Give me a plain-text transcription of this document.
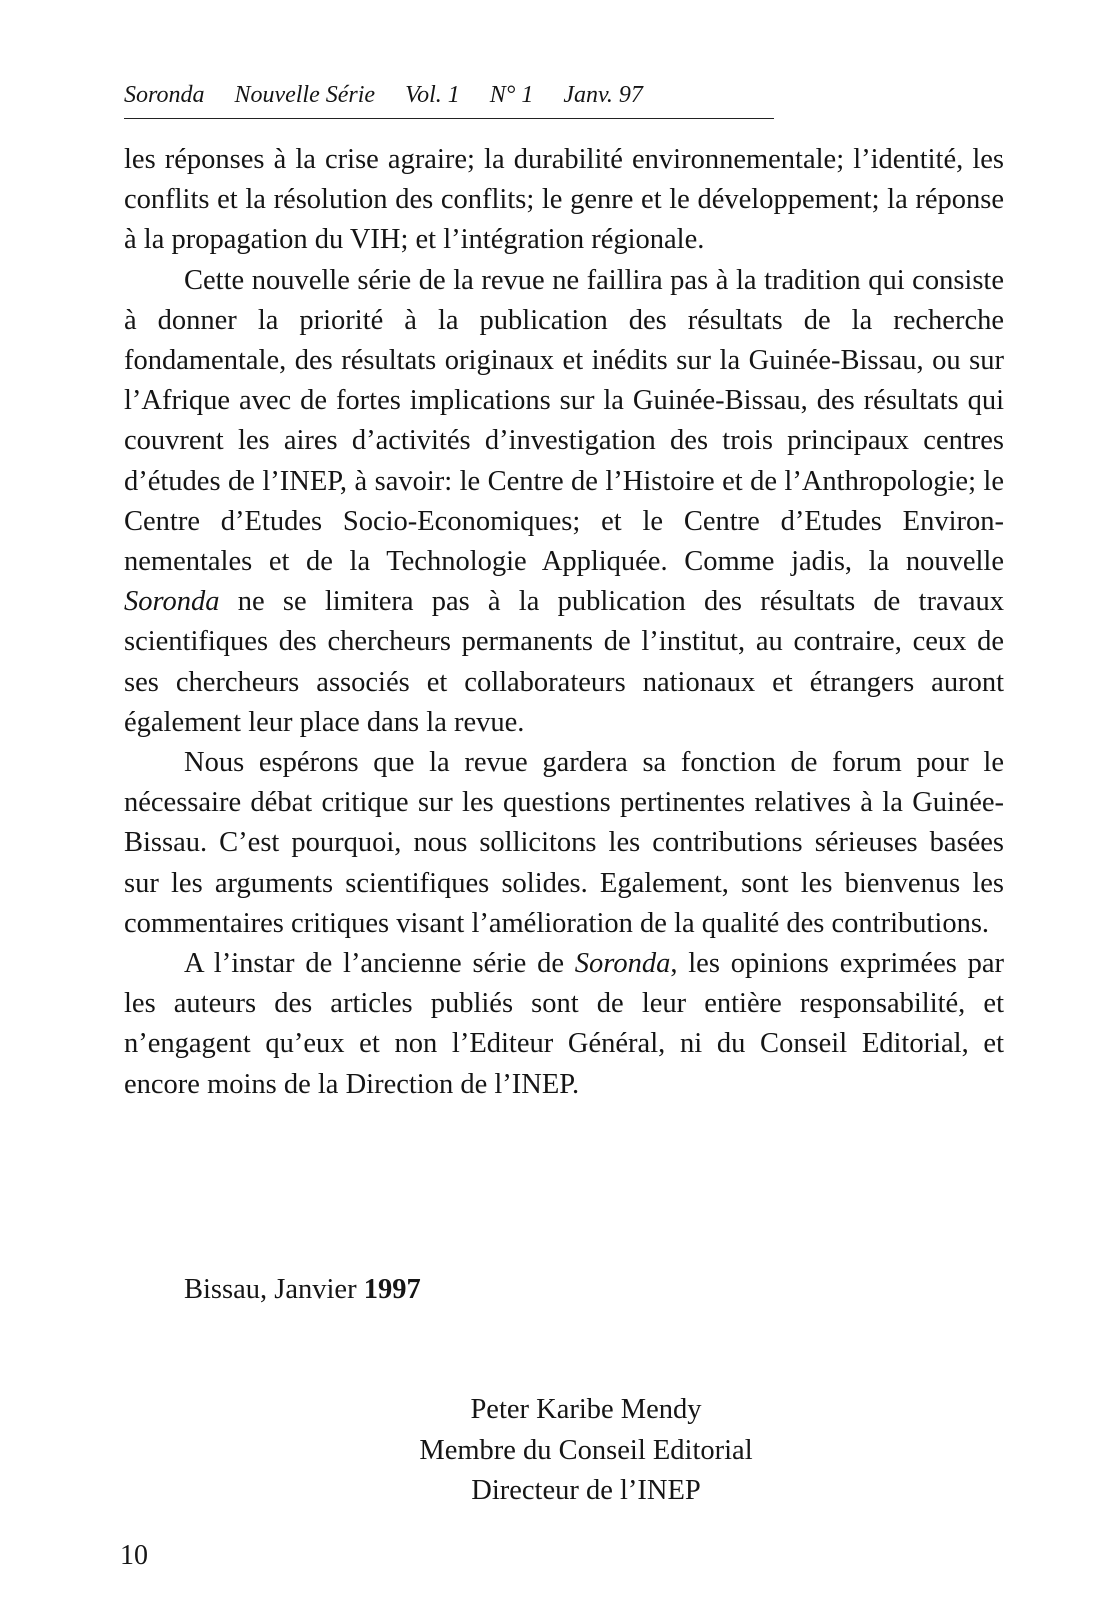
Soronda Nouvelle Série Vol. 1 N° 1 Janv. 97

les réponses à la crise agraire; la durabilité environnementale; l’identité, les conflits et la résolution des conflits; le genre et le développement; la réponse à la propagation du VIH; et l’intégration régionale.

Cette nouvelle série de la revue ne faillira pas à la tradition qui consiste à donner la priorité à la publication des résultats de la recherche fondamentale, des résultats originaux et inédits sur la Guinée-Bissau, ou sur l’Afrique avec de fortes implications sur la Guinée-Bissau, des résultats qui couvrent les aires d’activités d’investigation des trois principaux centres d’études de l’INEP, à savoir: le Centre de l’Histoire et de l’Anthropologie; le Centre d’Etudes Socio-Economiques; et le Centre d’Etudes Environnementales et de la Technologie Appliquée. Comme jadis, la nouvelle Soronda ne se limitera pas à la publication des résultats de travaux scientifiques des chercheurs permanents de l’institut, au contraire, ceux de ses chercheurs associés et collaborateurs nationaux et étrangers auront également leur place dans la revue.

Nous espérons que la revue gardera sa fonction de forum pour le nécessaire débat critique sur les questions pertinentes relatives à la Guinée-Bissau. C’est pourquoi, nous sollicitons les contributions sérieuses basées sur les arguments scientifiques solides. Egalement, sont les bienvenus les commentaires critiques visant l’amélioration de la qualité des contributions.

A l’instar de l’ancienne série de Soronda, les opinions exprimées par les auteurs des articles publiés sont de leur entière responsabilité, et n’engagent qu’eux et non l’Editeur Général, ni du Conseil Editorial, et encore moins de la Direction de l’INEP.

Bissau, Janvier 1997
Peter Karibe Mendy
Membre du Conseil Editorial
Directeur de l’INEP
10
